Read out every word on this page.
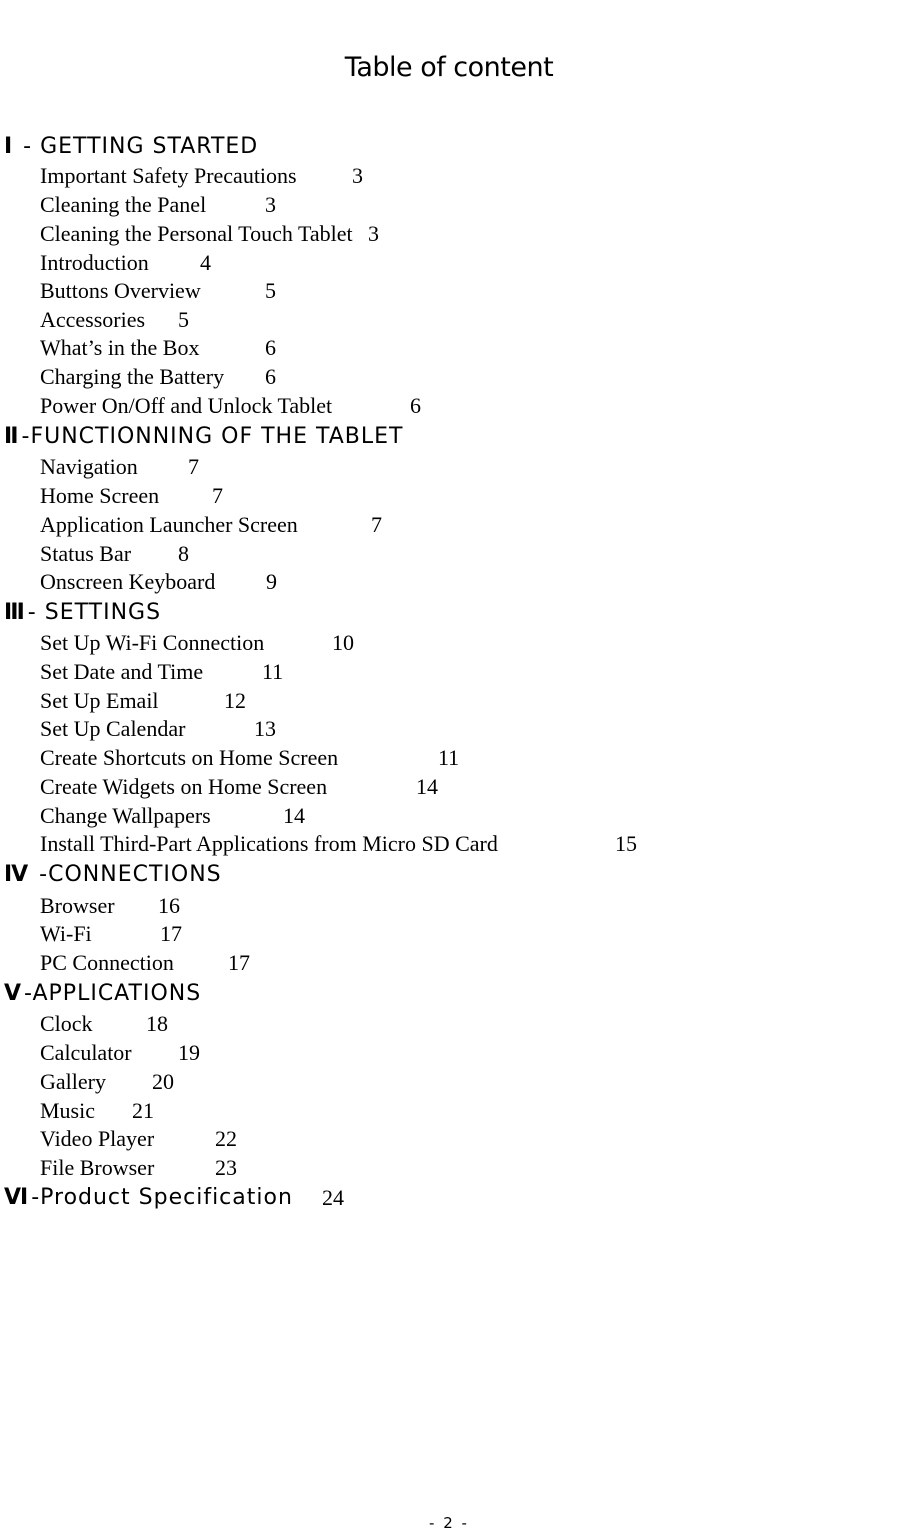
Table of content
Ⅰ - GETTING STARTED
Important Safety Precautions	3
Cleaning the Panel	3
Cleaning the Personal Touch Tablet 3
Introduction 4
Buttons Overview	5
Accessories 5
What’s in the Box	6
Charging the Battery 6
Power On/Off and Unlock Tablet	6
Ⅱ -FUNCTIONNING OF THE TABLET
Navigation 7
Home Screen 7
Application Launcher Screen	7
Status Bar 8
Onscreen Keyboard 9
Ⅲ - SETTINGS
Set Up Wi-Fi Connection	10
Set Date and Time	11
Set Up Email	12
Set Up Calendar	13
Create Shortcuts on Home Screen	11
Create Widgets on Home Screen	14
Change Wallpapers	14
Install Third-Part Applications from Micro SD Card	15
Ⅳ -CONNECTIONS
Browser 16
Wi-Fi	17
PC Connection 17
Ⅴ -APPLICATIONS
Clock 18
Calculator 19
Gallery 20
Music 21
Video Player	22
File Browser	23
Ⅵ -Product Specification 24
- 2 -
